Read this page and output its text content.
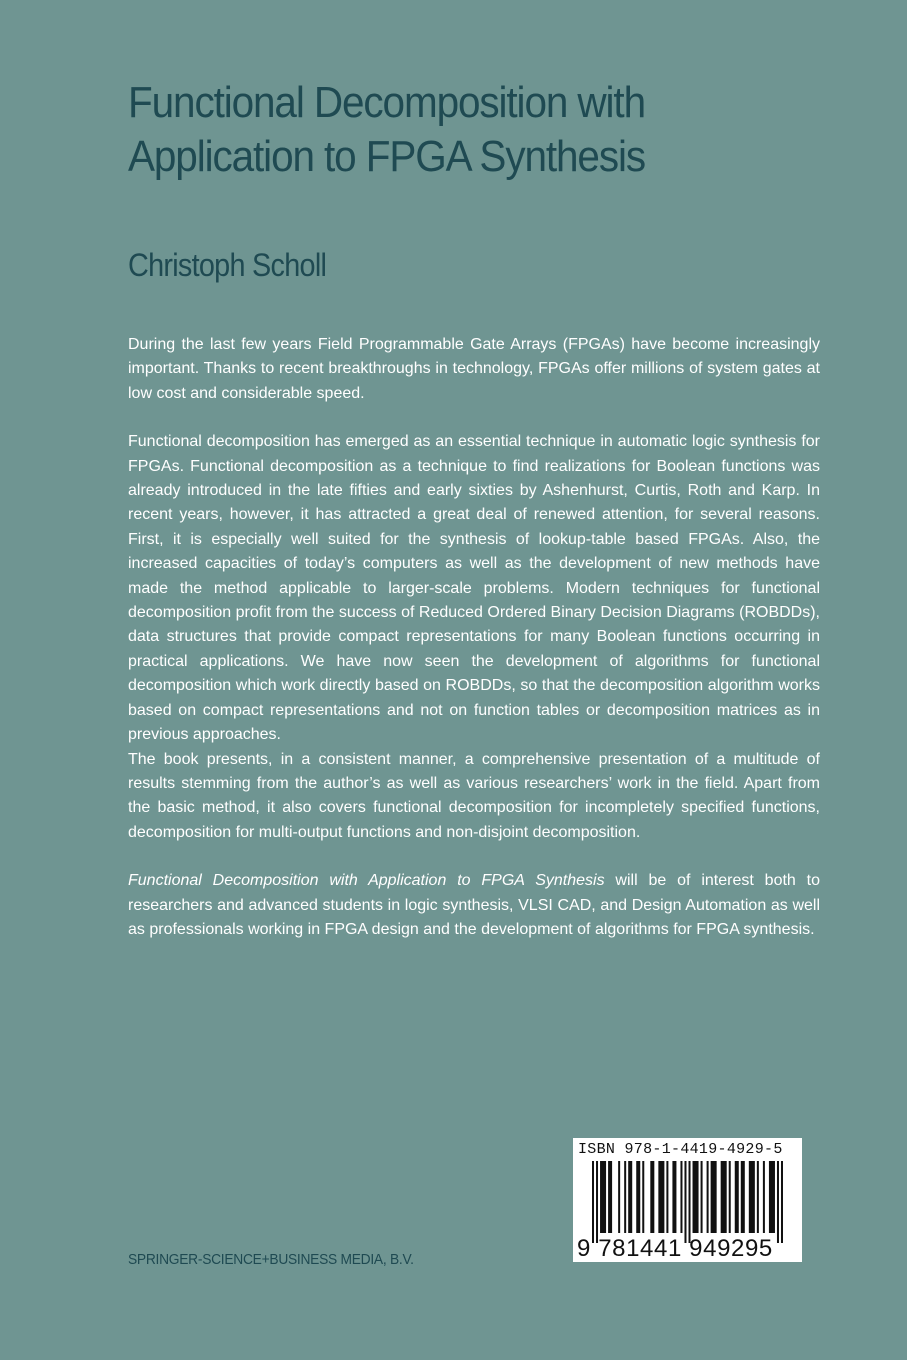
Functional Decomposition with Application to FPGA Synthesis
Christoph Scholl

During the last few years Field Programmable Gate Arrays (FPGAs) have become increasingly important. Thanks to recent breakthroughs in technology, FPGAs offer millions of system gates at low cost and considerable speed.

Functional decomposition has emerged as an essential technique in automatic logic synthesis for FPGAs. Functional decomposition as a technique to find realizations for Boolean functions was already introduced in the late fifties and early sixties by Ashenhurst, Curtis, Roth and Karp. In recent years, however, it has attracted a great deal of renewed attention, for several reasons. First, it is especially well suited for the synthesis of lookup-table based FPGAs. Also, the increased capacities of today’s computers as well as the development of new methods have made the method applicable to larger-scale problems. Modern techniques for functional decomposition profit from the success of Reduced Ordered Binary Decision Diagrams (ROBDDs), data structures that provide compact representations for many Boolean functions occurring in practical applications. We have now seen the development of algorithms for functional decomposition which work directly based on ROBDDs, so that the decomposition algorithm works based on compact representations and not on function tables or decomposition matrices as in previous approaches.

The book presents, in a consistent manner, a comprehensive presentation of a multitude of results stemming from the author’s as well as various researchers’ work in the field. Apart from the basic method, it also covers functional decomposition for incompletely specified functions, decomposition for multi-output functions and non-disjoint decomposition.

Functional Decomposition with Application to FPGA Synthesis will be of interest both to researchers and advanced students in logic synthesis, VLSI CAD, and Design Automation as well as professionals working in FPGA design and the development of algorithms for FPGA synthesis.

SPRINGER-SCIENCE+BUSINESS MEDIA, B.V.
ISBN 978-1-4419-4929-5
9 781441 949295
